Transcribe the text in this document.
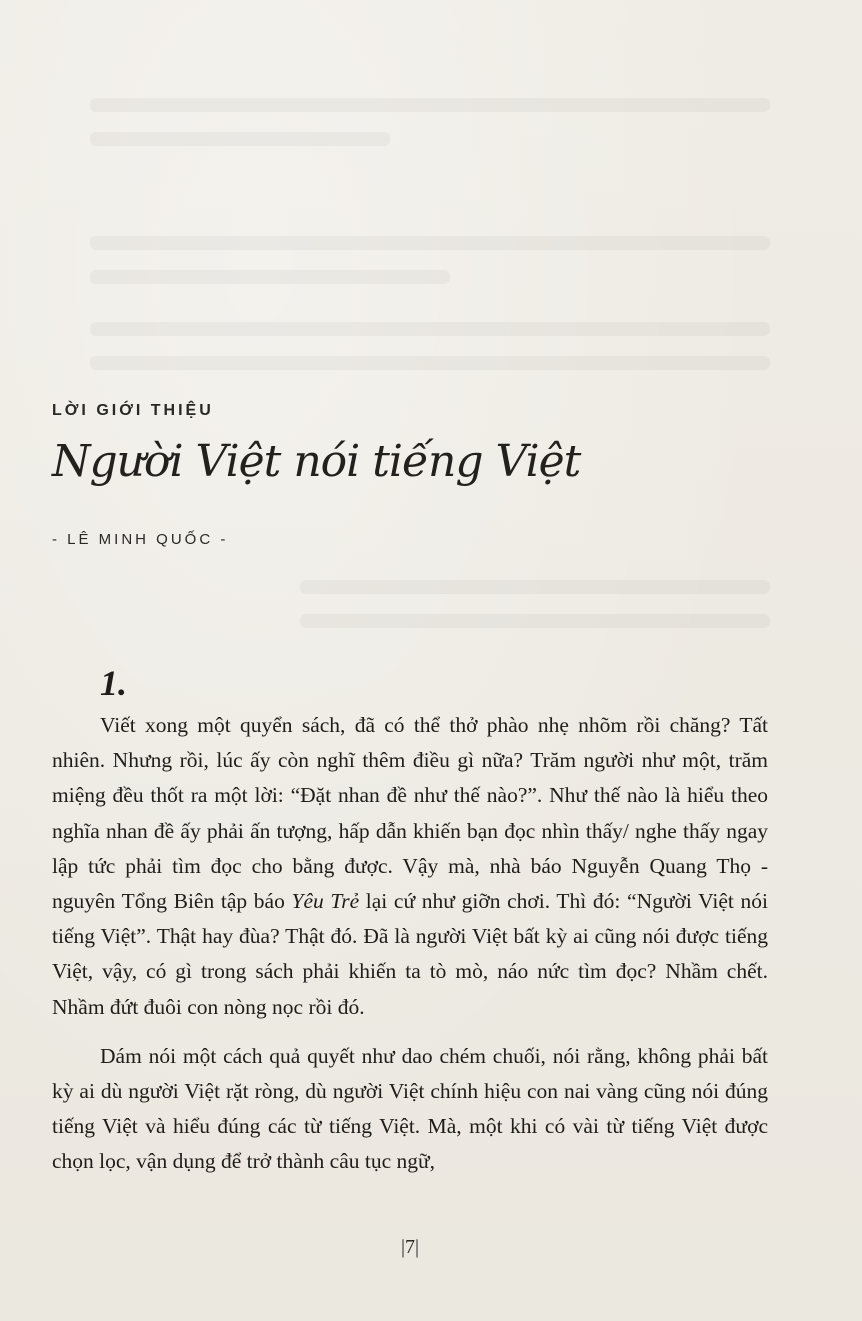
LỜI GIỚI THIỆU
Người Việt nói tiếng Việt
- LÊ MINH QUỐC -
1.

Viết xong một quyển sách, đã có thể thở phào nhẹ nhõm rồi chăng? Tất nhiên. Nhưng rồi, lúc ấy còn nghĩ thêm điều gì nữa? Trăm người như một, trăm miệng đều thốt ra một lời: “Đặt nhan đề như thế nào?”. Như thế nào là hiểu theo nghĩa nhan đề ấy phải ấn tượng, hấp dẫn khiến bạn đọc nhìn thấy/ nghe thấy ngay lập tức phải tìm đọc cho bằng được. Vậy mà, nhà báo Nguyễn Quang Thọ - nguyên Tổng Biên tập báo Yêu Trẻ lại cứ như giỡn chơi. Thì đó: “Người Việt nói tiếng Việt”. Thật hay đùa? Thật đó. Đã là người Việt bất kỳ ai cũng nói được tiếng Việt, vậy, có gì trong sách phải khiến ta tò mò, náo nức tìm đọc? Nhầm chết. Nhầm đứt đuôi con nòng nọc rồi đó.

Dám nói một cách quả quyết như dao chém chuối, nói rằng, không phải bất kỳ ai dù người Việt rặt ròng, dù người Việt chính hiệu con nai vàng cũng nói đúng tiếng Việt và hiểu đúng các từ tiếng Việt. Mà, một khi có vài từ tiếng Việt được chọn lọc, vận dụng để trở thành câu tục ngữ,

|7|
